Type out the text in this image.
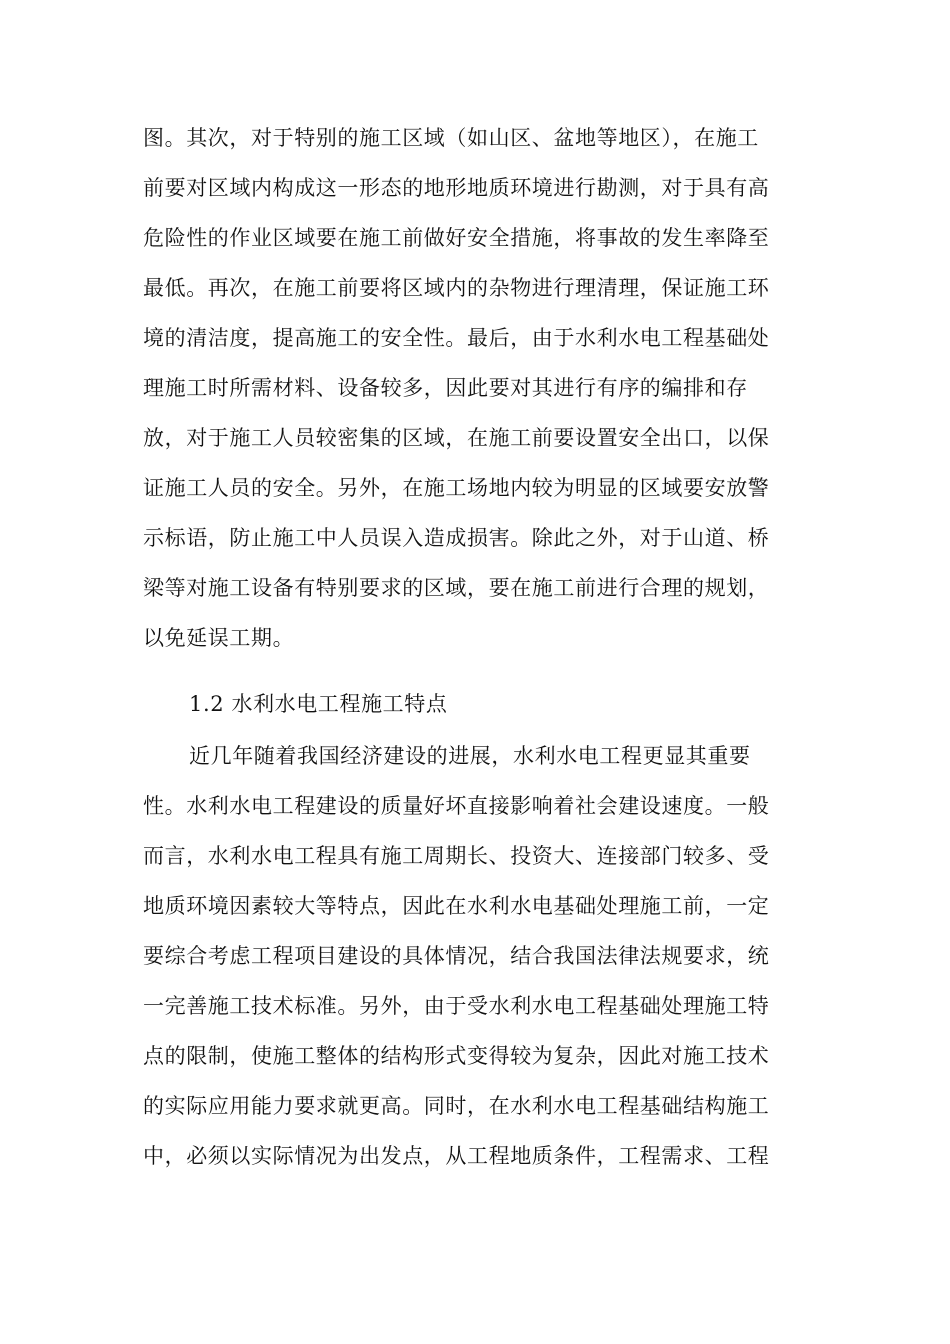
图。其次，对于特别的施工区域（如山区、盆地等地区），在施工
前要对区域内构成这一形态的地形地质环境进行勘测，对于具有高
危险性的作业区域要在施工前做好安全措施，将事故的发生率降至
最低。再次，在施工前要将区域内的杂物进行理清理，保证施工环
境的清洁度，提高施工的安全性。最后，由于水利水电工程基础处
理施工时所需材料、设备较多，因此要对其进行有序的编排和存
放，对于施工人员较密集的区域，在施工前要设置安全出口，以保
证施工人员的安全。另外，在施工场地内较为明显的区域要安放警
示标语，防止施工中人员误入造成损害。除此之外，对于山道、桥
梁等对施工设备有特别要求的区域，要在施工前进行合理的规划，
以免延误工期。
1.2 水利水电工程施工特点
近几年随着我国经济建设的进展，水利水电工程更显其重要
性。水利水电工程建设的质量好坏直接影响着社会建设速度。一般
而言，水利水电工程具有施工周期长、投资大、连接部门较多、受
地质环境因素较大等特点，因此在水利水电基础处理施工前，一定
要综合考虑工程项目建设的具体情况，结合我国法律法规要求，统
一完善施工技术标准。另外，由于受水利水电工程基础处理施工特
点的限制，使施工整体的结构形式变得较为复杂，因此对施工技术
的实际应用能力要求就更高。同时，在水利水电工程基础结构施工
中，必须以实际情况为出发点，从工程地质条件，工程需求、工程
